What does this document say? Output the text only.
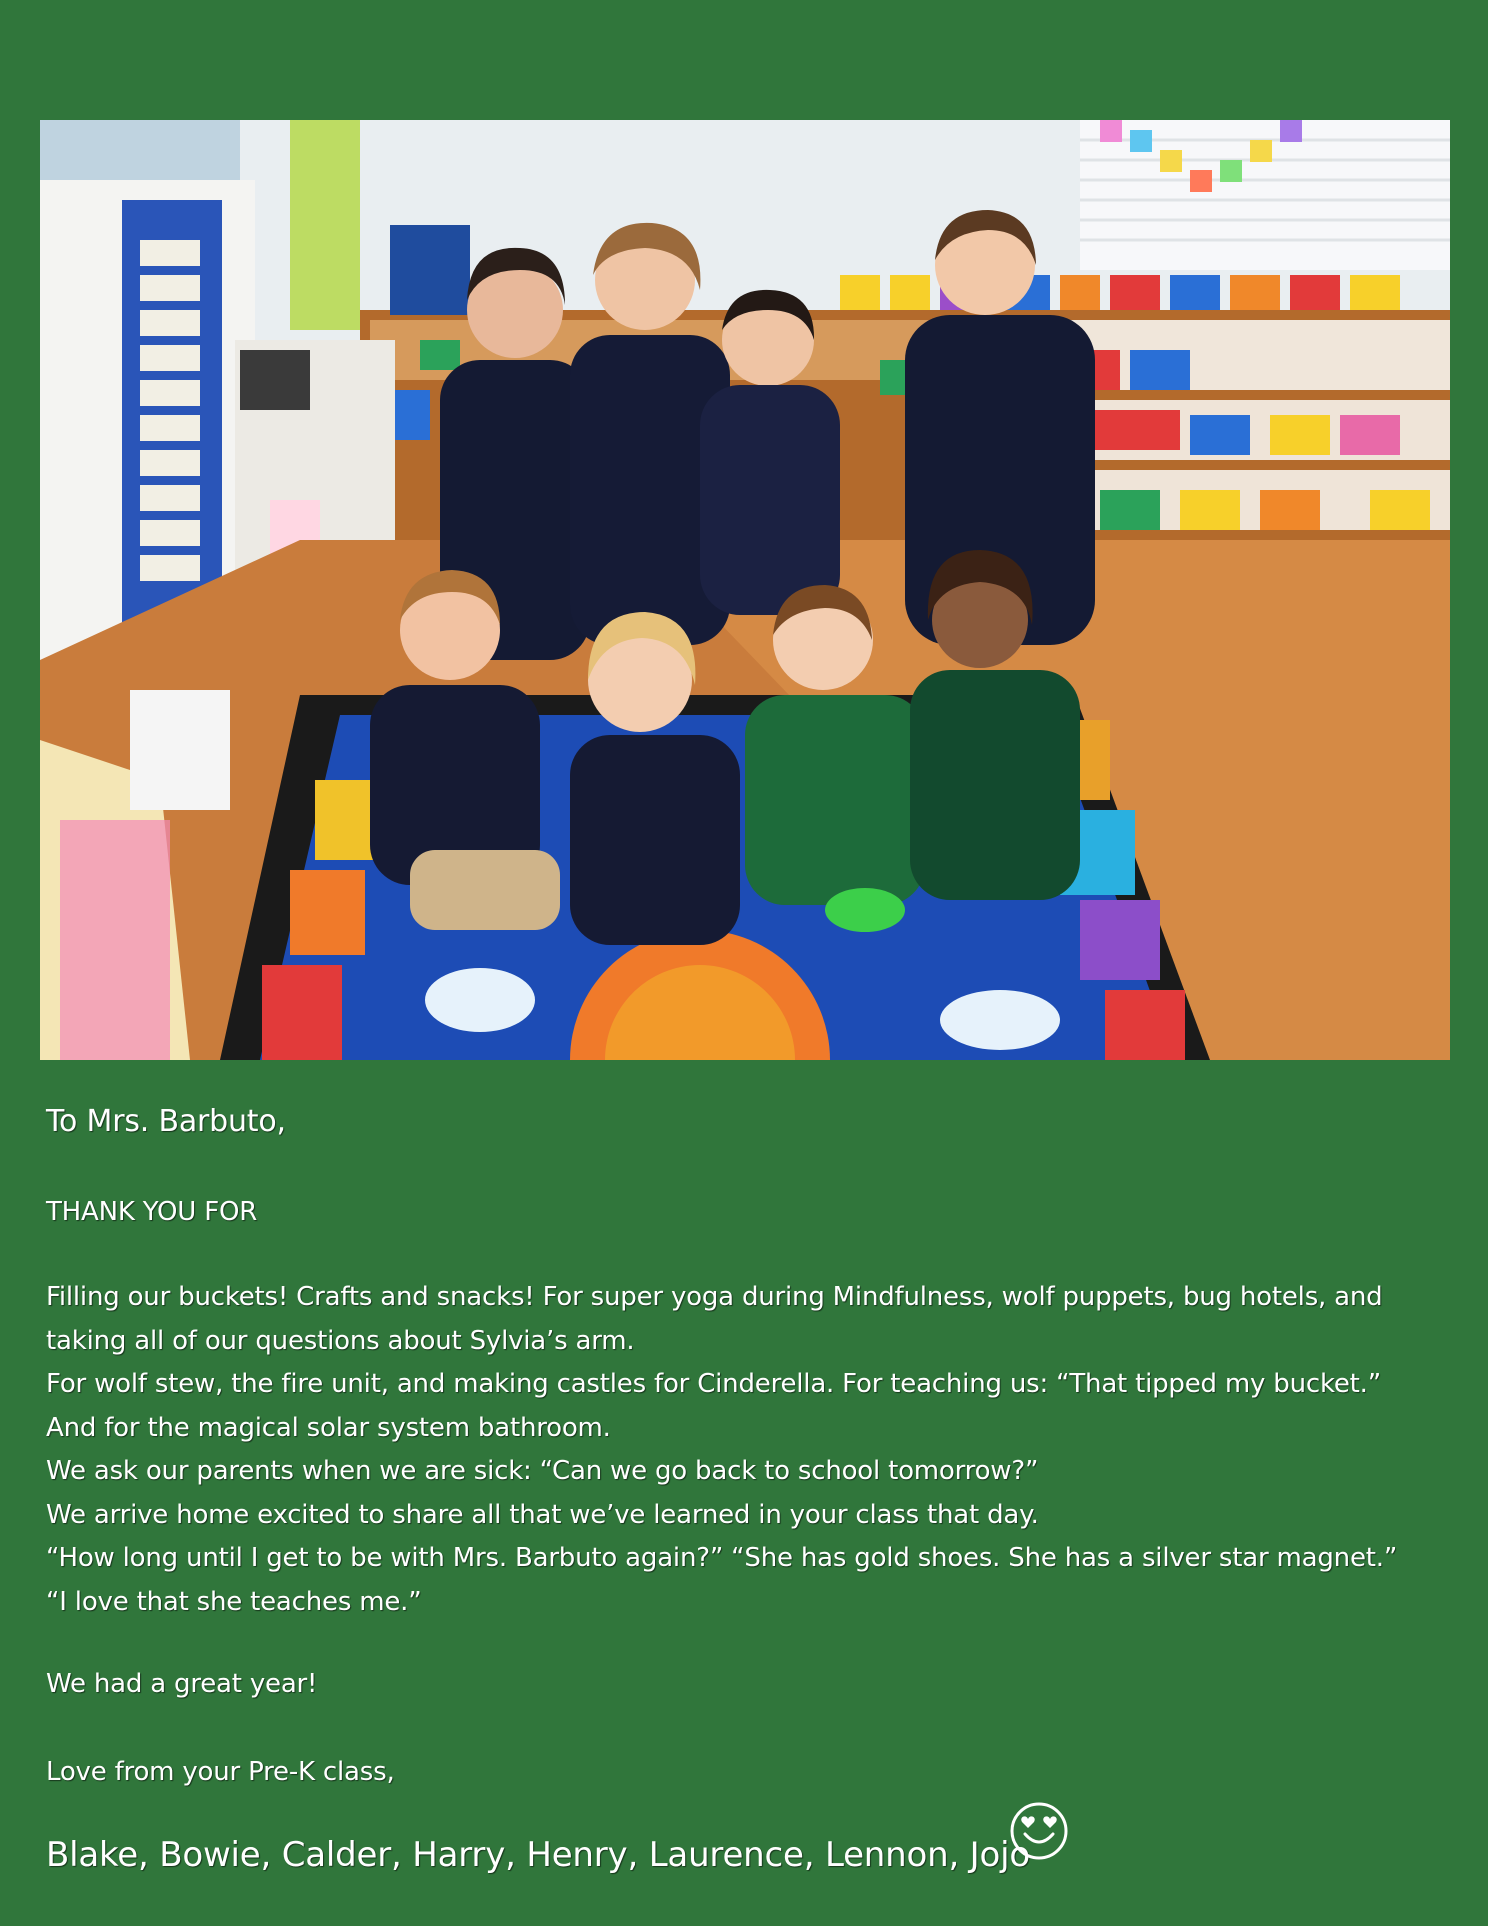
To Mrs. Barbuto,
THANK YOU FOR
Filling our buckets! Crafts and snacks! For super yoga during Mindfulness, wolf puppets, bug hotels, and
taking all of our questions about Sylvia’s arm.
For wolf stew, the fire unit, and making castles for Cinderella. For teaching us: “That tipped my bucket.”
And for the magical solar system bathroom.
We ask our parents when we are sick: “Can we go back to school tomorrow?”
We arrive home excited to share all that we’ve learned in your class that day.
“How long until I get to be with Mrs. Barbuto again?” “She has gold shoes. She has a silver star magnet.”
“I love that she teaches me.”
We had a great year!
Love from your Pre-K class,
Blake, Bowie, Calder, Harry, Henry, Laurence, Lennon, Jojo
